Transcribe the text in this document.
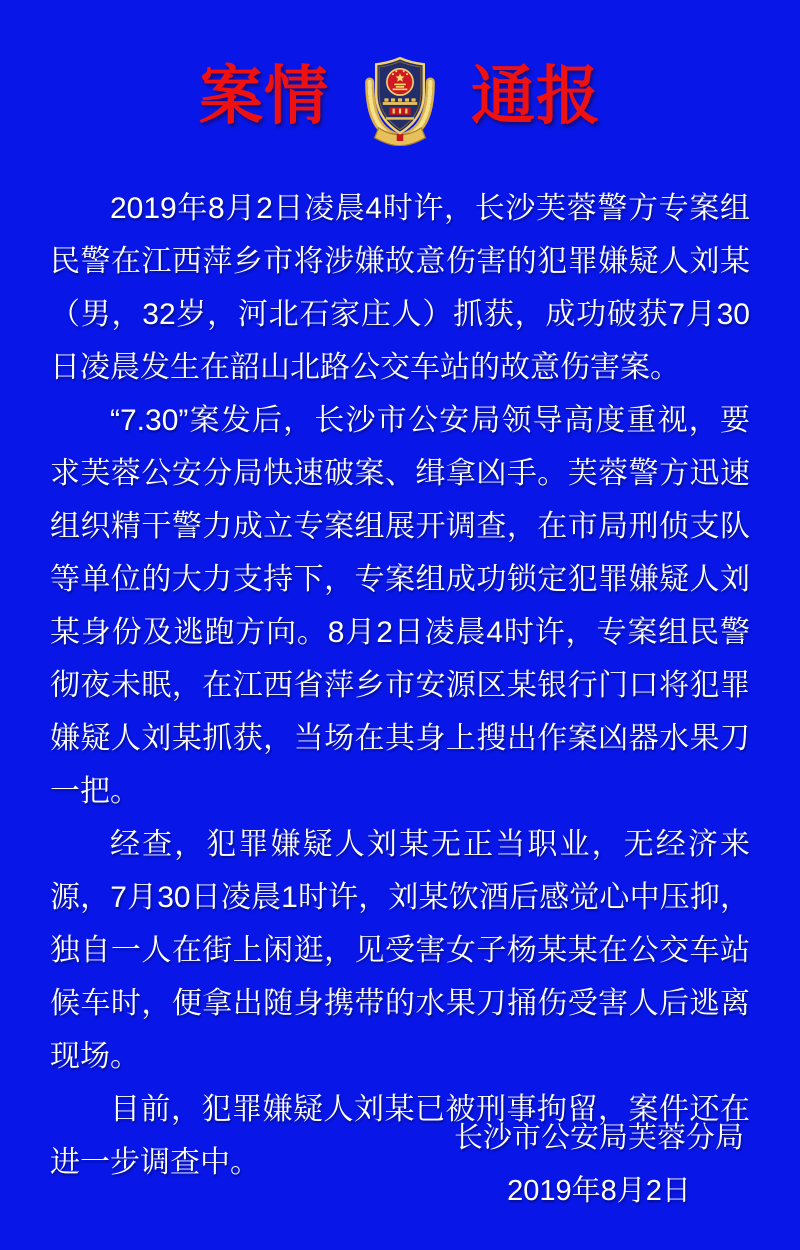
案情 通报

2019年8月2日凌晨4时许，长沙芙蓉警方专案组民警在江西萍乡市将涉嫌故意伤害的犯罪嫌疑人刘某（男，32岁，河北石家庄人）抓获，成功破获7月30日凌晨发生在韶山北路公交车站的故意伤害案。

“7.30”案发后，长沙市公安局领导高度重视，要求芙蓉公安分局快速破案、缉拿凶手。芙蓉警方迅速组织精干警力成立专案组展开调查，在市局刑侦支队等单位的大力支持下，专案组成功锁定犯罪嫌疑人刘某身份及逃跑方向。8月2日凌晨4时许，专案组民警彻夜未眠，在江西省萍乡市安源区某银行门口将犯罪嫌疑人刘某抓获，当场在其身上搜出作案凶器水果刀一把。

经查，犯罪嫌疑人刘某无正当职业，无经济来源，7月30日凌晨1时许，刘某饮酒后感觉心中压抑，独自一人在街上闲逛，见受害女子杨某某在公交车站候车时，便拿出随身携带的水果刀捅伤受害人后逃离现场。

目前，犯罪嫌疑人刘某已被刑事拘留，案件还在进一步调查中。

长沙市公安局芙蓉分局
2019年8月2日
